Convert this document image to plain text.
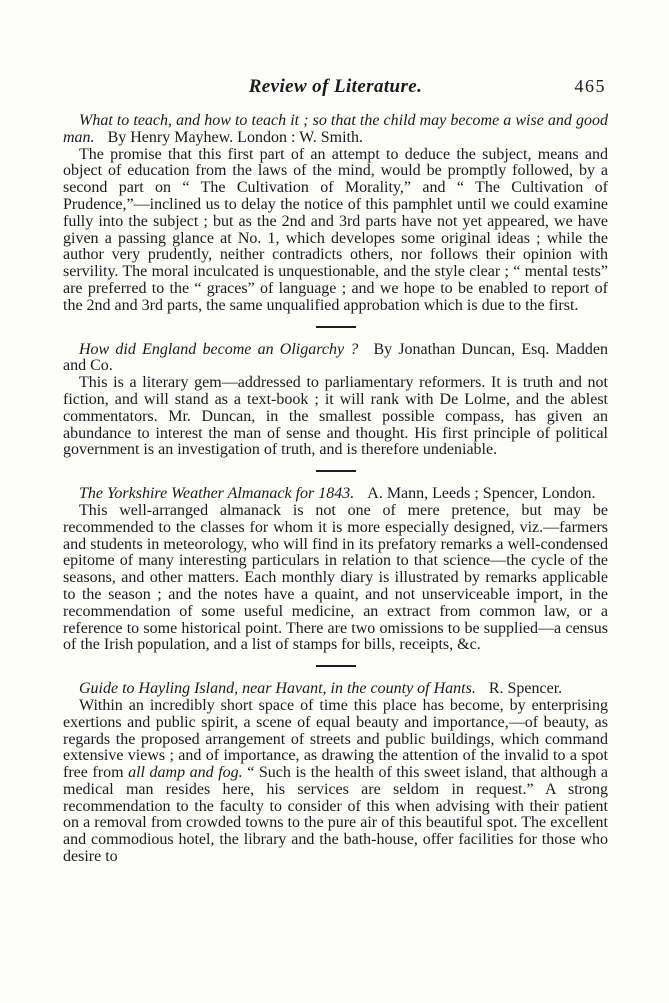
Review of Literature.	465

What to teach, and how to teach it ; so that the child may become a wise and good man. By Henry Mayhew. London : W. Smith.

The promise that this first part of an attempt to deduce the subject, means and object of education from the laws of the mind, would be promptly followed, by a second part on “ The Cultivation of Morality,” and “ The Cultivation of Prudence,”—inclined us to delay the notice of this pamphlet until we could examine fully into the subject ; but as the 2nd and 3rd parts have not yet appeared, we have given a passing glance at No. 1, which developes some original ideas ; while the author very prudently, neither contradicts others, nor follows their opinion with servility. The moral inculcated is unquestionable, and the style clear ; “ mental tests” are preferred to the “ graces” of language ; and we hope to be enabled to report of the 2nd and 3rd parts, the same unqualified approbation which is due to the first.

How did England become an Oligarchy ? By Jonathan Duncan, Esq. Madden and Co.

This is a literary gem—addressed to parliamentary reformers. It is truth and not fiction, and will stand as a text-book ; it will rank with De Lolme, and the ablest commentators. Mr. Duncan, in the smallest possible compass, has given an abundance to interest the man of sense and thought. His first principle of political government is an investigation of truth, and is therefore undeniable.

The Yorkshire Weather Almanack for 1843. A. Mann, Leeds ; Spencer, London.

This well-arranged almanack is not one of mere pretence, but may be recommended to the classes for whom it is more especially designed, viz.—farmers and students in meteorology, who will find in its prefatory remarks a well-condensed epitome of many interesting particulars in relation to that science—the cycle of the seasons, and other matters. Each monthly diary is illustrated by remarks applicable to the season ; and the notes have a quaint, and not unserviceable import, in the recommendation of some useful medicine, an extract from common law, or a reference to some historical point. There are two omissions to be supplied—a census of the Irish population, and a list of stamps for bills, receipts, &c.

Guide to Hayling Island, near Havant, in the county of Hants. R. Spencer.

Within an incredibly short space of time this place has become, by enterprising exertions and public spirit, a scene of equal beauty and importance,—of beauty, as regards the proposed arrangement of streets and public buildings, which command extensive views ; and of importance, as drawing the attention of the invalid to a spot free from all damp and fog. “ Such is the health of this sweet island, that although a medical man resides here, his services are seldom in request.” A strong recommendation to the faculty to consider of this when advising with their patient on a removal from crowded towns to the pure air of this beautiful spot. The excellent and commodious hotel, the library and the bath-house, offer facilities for those who desire to
